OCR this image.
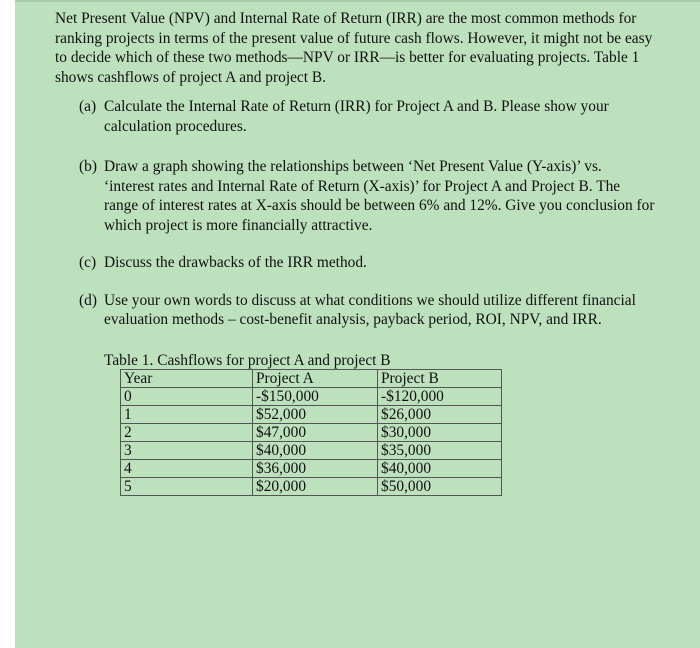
Net Present Value (NPV) and Internal Rate of Return (IRR) are the most common methods for ranking projects in terms of the present value of future cash flows. However, it might not be easy to decide which of these two methods—NPV or IRR—is better for evaluating projects. Table 1 shows cashflows of project A and project B.

(a) Calculate the Internal Rate of Return (IRR) for Project A and B. Please show your calculation procedures.
(b) Draw a graph showing the relationships between ‘Net Present Value (Y-axis)’ vs. ‘interest rates and Internal Rate of Return (X-axis)’ for Project A and Project B. The range of interest rates at X-axis should be between 6% and 12%. Give you conclusion for which project is more financially attractive.
(c) Discuss the drawbacks of the IRR method.
(d) Use your own words to discuss at what conditions we should utilize different financial evaluation methods – cost-benefit analysis, payback period, ROI, NPV, and IRR.
Table 1. Cashflows for project A and project B
Year	Project A	Project B
0	-$150,000	-$120,000
1	$52,000	$26,000
2	$47,000	$30,000
3	$40,000	$35,000
4	$36,000	$40,000
5	$20,000	$50,000
